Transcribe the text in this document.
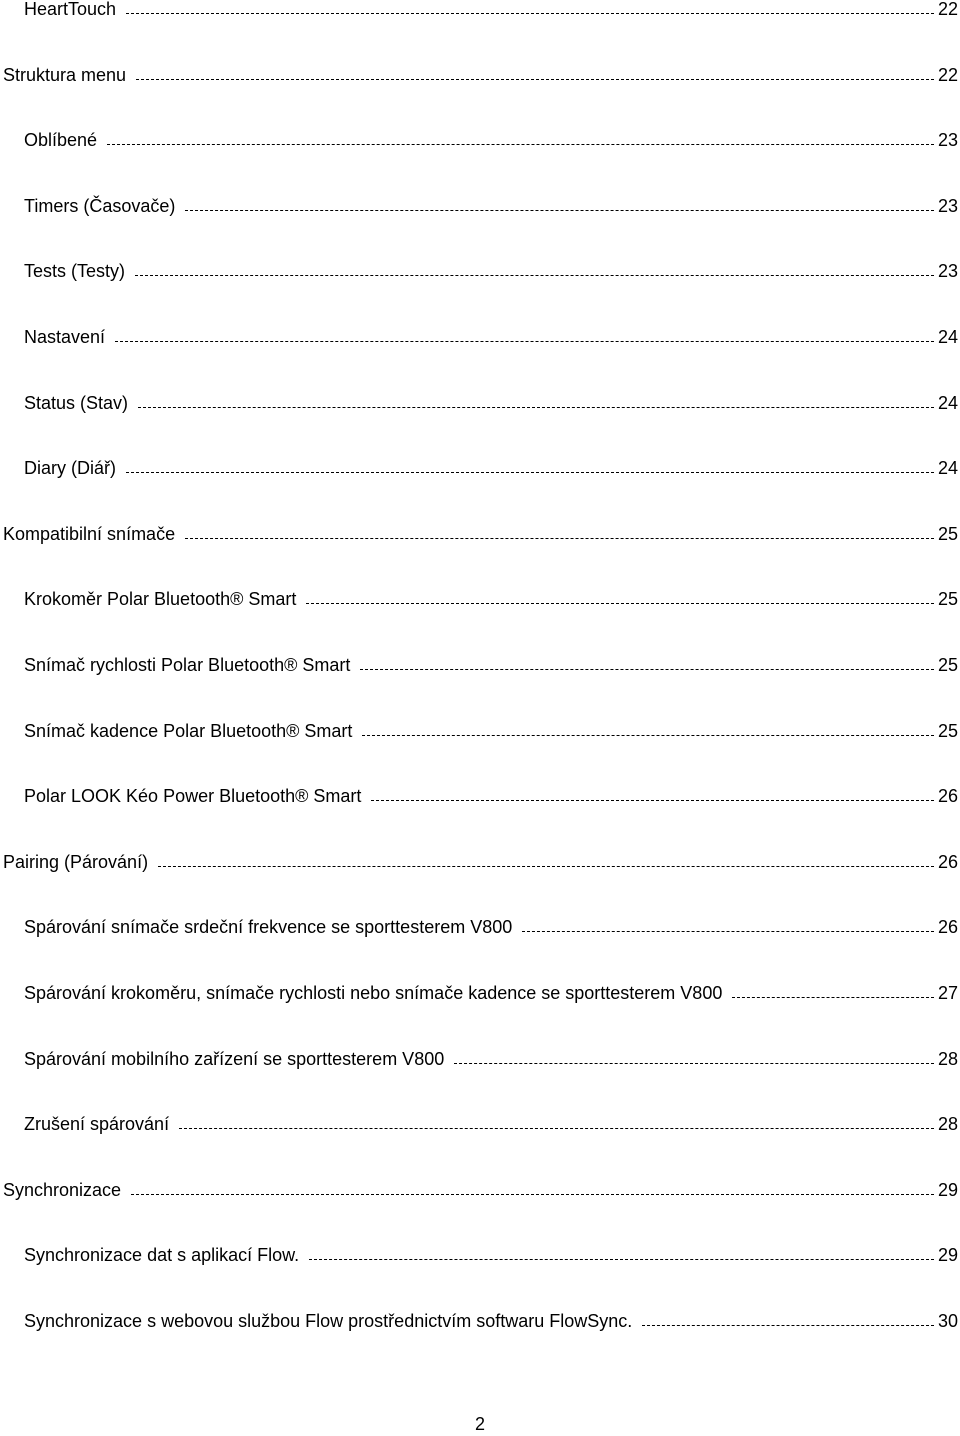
HeartTouch	22
Struktura menu	22
Oblíbené	23
Timers (Časovače)	23
Tests (Testy)	23
Nastavení	24
Status (Stav)	24
Diary (Diář)	24
Kompatibilní snímače	25
Krokoměr Polar Bluetooth® Smart	25
Snímač rychlosti Polar Bluetooth® Smart	25
Snímač kadence Polar Bluetooth® Smart	25
Polar LOOK Kéo Power Bluetooth® Smart	26
Pairing (Párování)	26
Spárování snímače srdeční frekvence se sporttesterem V800	26
Spárování krokoměru, snímače rychlosti nebo snímače kadence se sporttesterem V800	27
Spárování mobilního zařízení se sporttesterem V800	28
Zrušení spárování	28
Synchronizace	29
Synchronizace dat s aplikací Flow.	29
Synchronizace s webovou službou Flow prostřednictvím softwaru FlowSync.	30
2
